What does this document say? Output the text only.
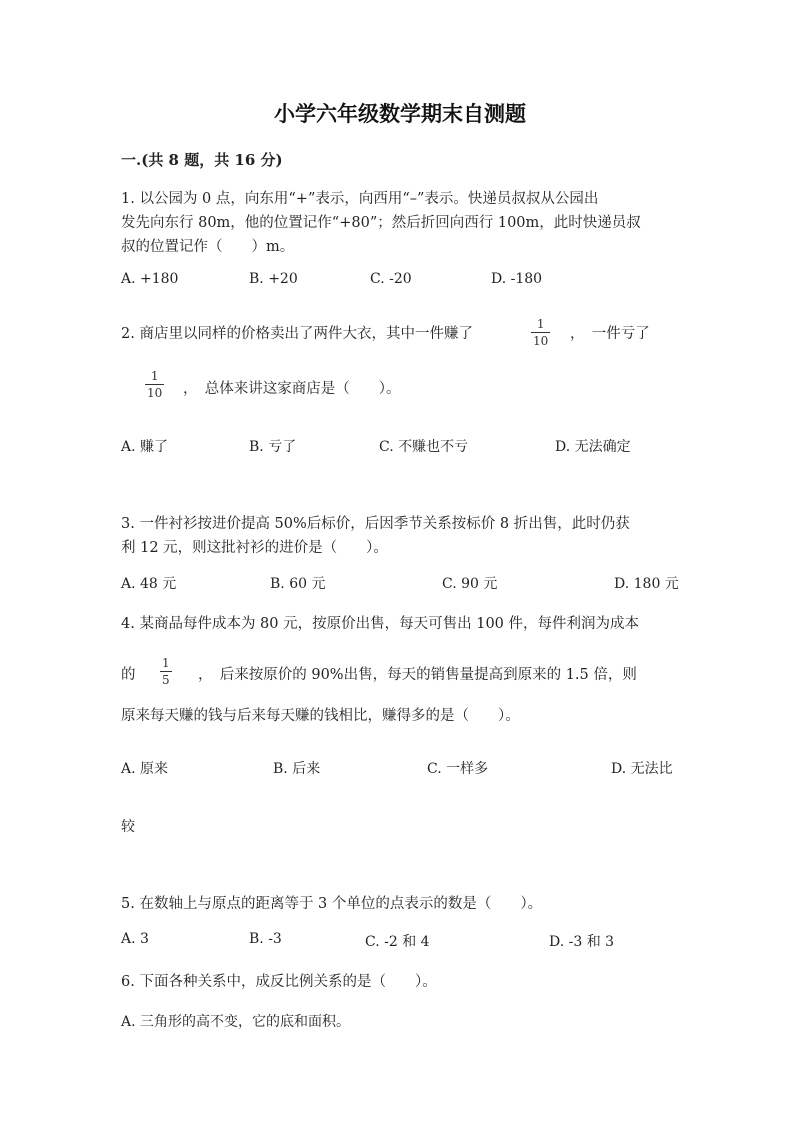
小学六年级数学期末自测题
一.(共 8 题，共 16 分)
1. 以公园为 0 点，向东用“+”表示，向西用“–”表示。快递员叔叔从公园出
发先向东行 80m，他的位置记作“+80”；然后折回向西行 100m，此时快递员叔
叔的位置记作（　　）m。
A. +180	B. +20	C. -20	D. -180
2. 商店里以同样的价格卖出了两件大衣，其中一件赚了
1
10 ，　一件亏了
1
10 ，　总体来讲这家商店是（　　）。
A. 赚了	B. 亏了	C. 不赚也不亏	D. 无法确定
3. 一件衬衫按进价提高 50%后标价，后因季节关系按标价 8 折出售，此时仍获
利 12 元，则这批衬衫的进价是（　　）。
A. 48 元	B. 60 元	C. 90 元	D. 180 元
4. 某商品每件成本为 80 元，按原价出售，每天可售出 100 件，每件利润为成本
的
1
5 ，　后来按原价的 90%出售，每天的销售量提高到原来的 1.5 倍，则
原来每天赚的钱与后来每天赚的钱相比，赚得多的是（　　）。
A. 原来	B. 后来	C. 一样多	D. 无法比
较
5. 在数轴上与原点的距离等于 3 个单位的点表示的数是（　　）。
A. 3	B. -3	C. -2 和 4	D. -3 和 3
6. 下面各种关系中，成反比例关系的是（　　）。
A. 三角形的高不变，它的底和面积。
